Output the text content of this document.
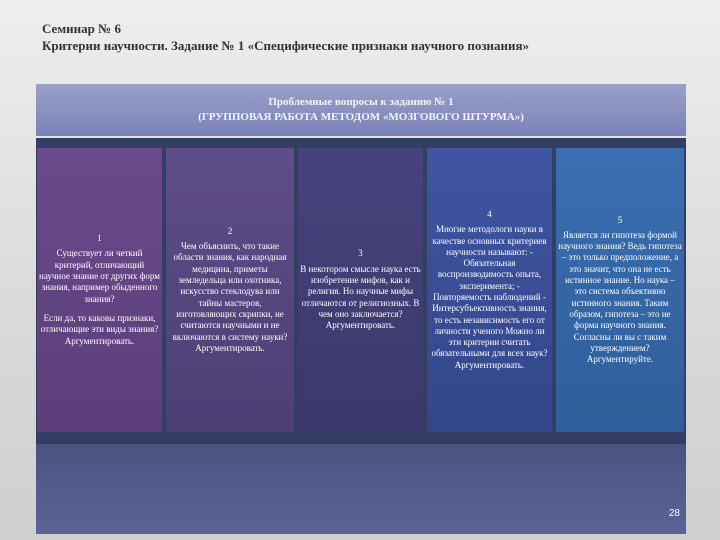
Семинар № 6
Критерии научности. Задание № 1 «Специфические признаки научного познания»
Проблемные вопросы к заданию № 1
(ГРУППОВАЯ РАБОТА МЕТОДОМ «МОЗГОВОГО ШТУРМА»)
1

Существует ли четкий критерий, отличающий научное знание от других форм знания, например обыденного знания?

Если да, то каковы признаки, отличающие эти виды знания? Аргументировать.

2

Чем объяснить, что такие области знания, как народная медицина, приметы земледельца или охотника, искусство стеклодува или тайны мастеров, изготовляющих скрипки, не считаются научными и не включаются в систему науки? Аргументировать.

3

В некотором смысле наука есть изобретение мифов, как и религия. Но научные мифы отличаются от религиозных. В чем оно заключается? Аргументировать.

4

Многие методологи науки в качестве основных критериев научности называют: - Обязательная воспроизводимость опыта, эксперимента; - Повторяемость наблюдений - Интерсубъективность знания, то есть независимость его от личности ученого Можно ли эти критерии считать обязательными для всех наук? Аргументировать.

5

Является ли гипотеза формой научного знания? Ведь гипотеза – это только предположение, а это значит, что она не есть истинное знание. Но наука – это система объективно истинного знания. Таким образом, гипотеза – это не форма научного знания. Согласны ли вы с таким утверждением? Аргументируйте.

28
